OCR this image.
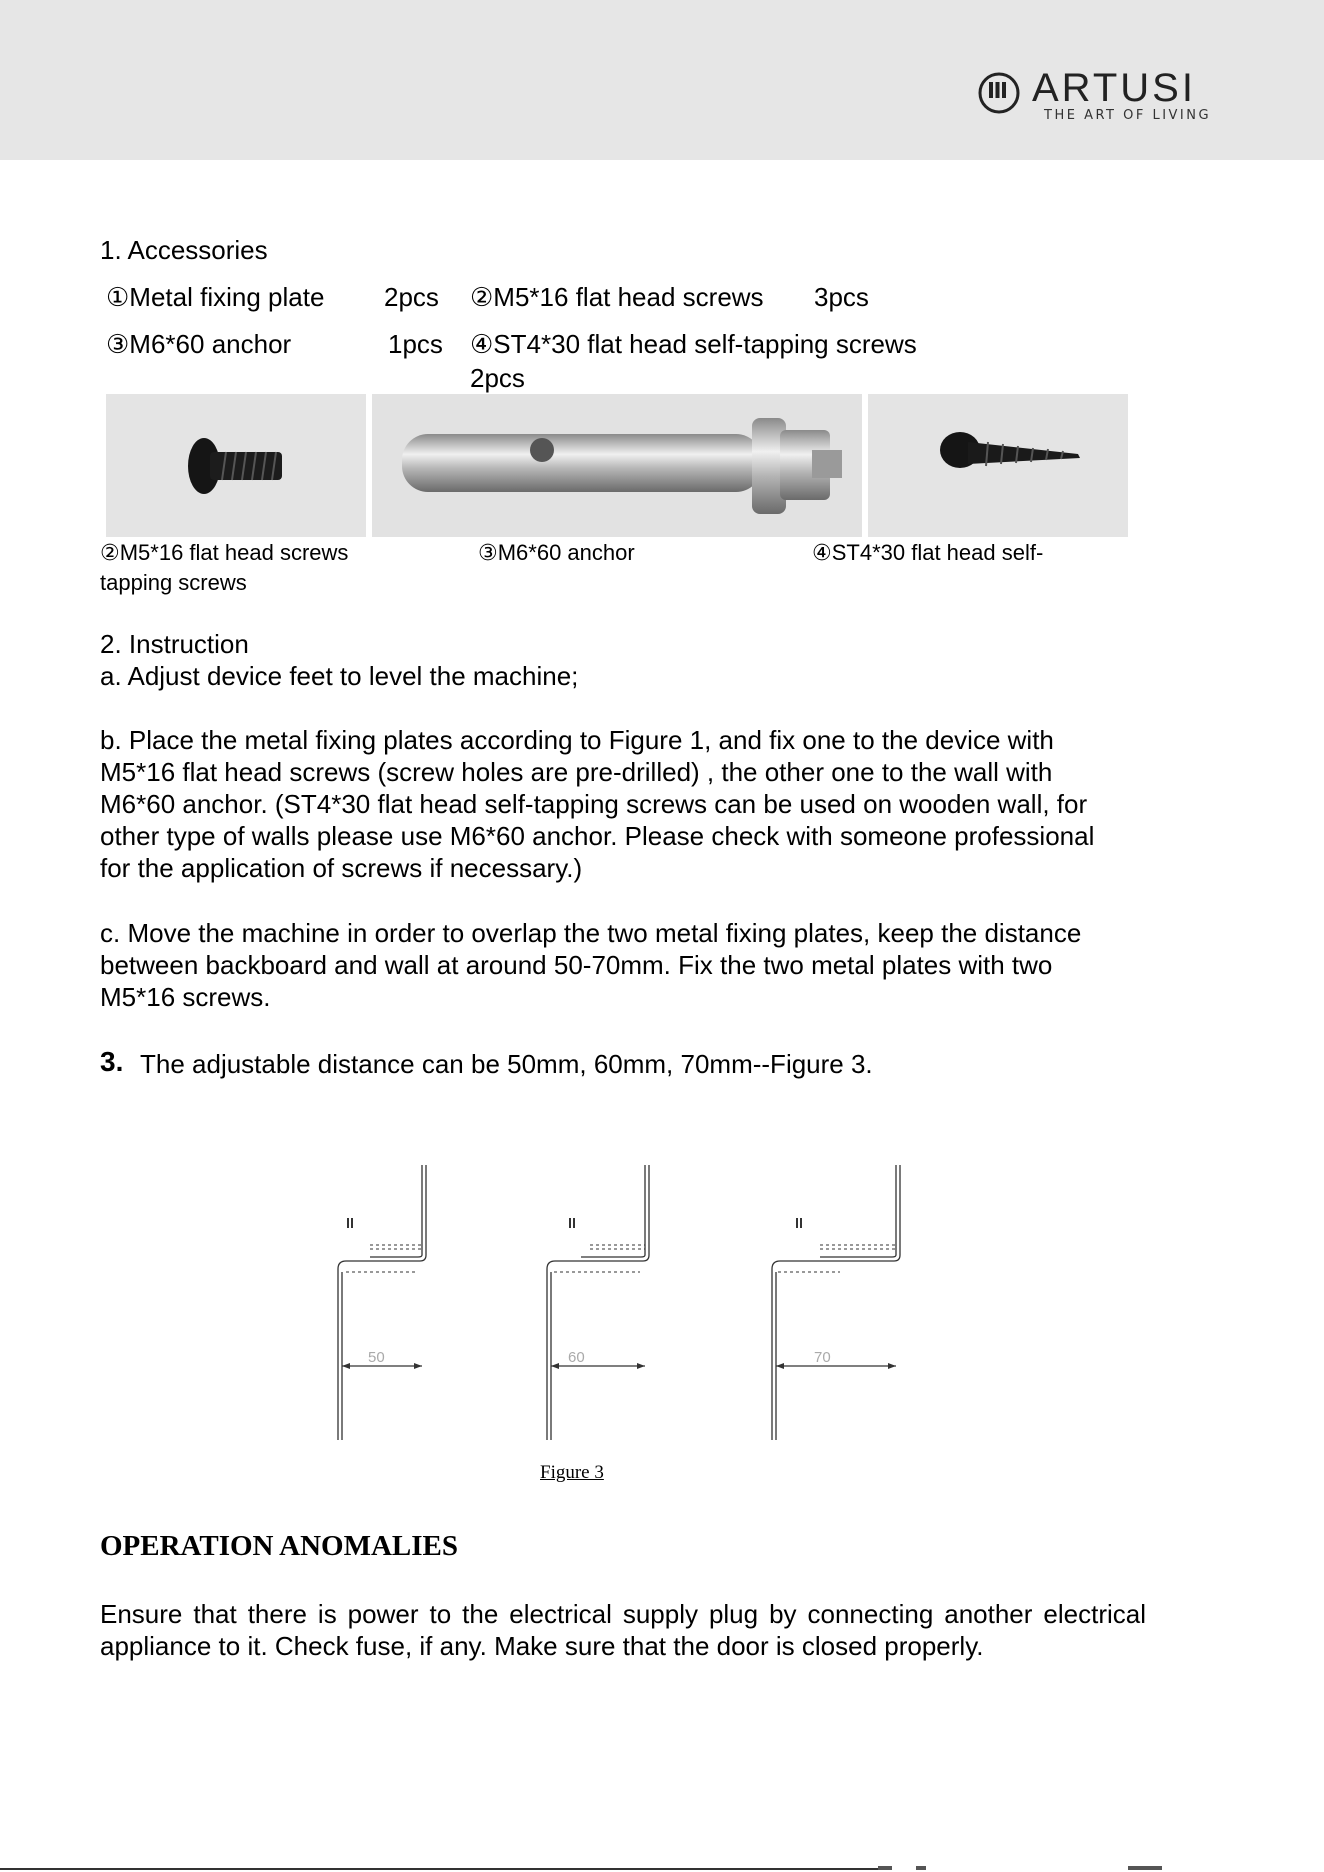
ARTUSI
THE ART OF LIVING
1. Accessories
①Metal fixing plate 2pcs ②M5*16 flat head screws 3pcs
③M6*60 anchor	1pcs ④ST4*30 flat head self-tapping screws
2pcs
②M5*16 flat head screws	③M6*60 anchor	④ST4*30 flat head self-
tapping screws
2. Instruction
a. Adjust device feet to level the machine;
b. Place the metal fixing plates according to Figure 1, and fix one to the device with M5*16 flat head screws (screw holes are pre-drilled) , the other one to the wall with M6*60 anchor. (ST4*30 flat head self-tapping screws can be used on wooden wall, for other type of walls please use M6*60 anchor. Please check with someone professional for the application of screws if necessary.)
c. Move the machine in order to overlap the two metal fixing plates, keep the distance between backboard and wall at around 50-70mm. Fix the two metal plates with two M5*16 screws.
3. The adjustable distance can be 50mm, 60mm, 70mm--Figure 3.
50	60	70
Figure 3
OPERATION ANOMALIES
Ensure that there is power to the electrical supply plug by connecting another electrical appliance to it. Check fuse, if any. Make sure that the door is closed properly.
